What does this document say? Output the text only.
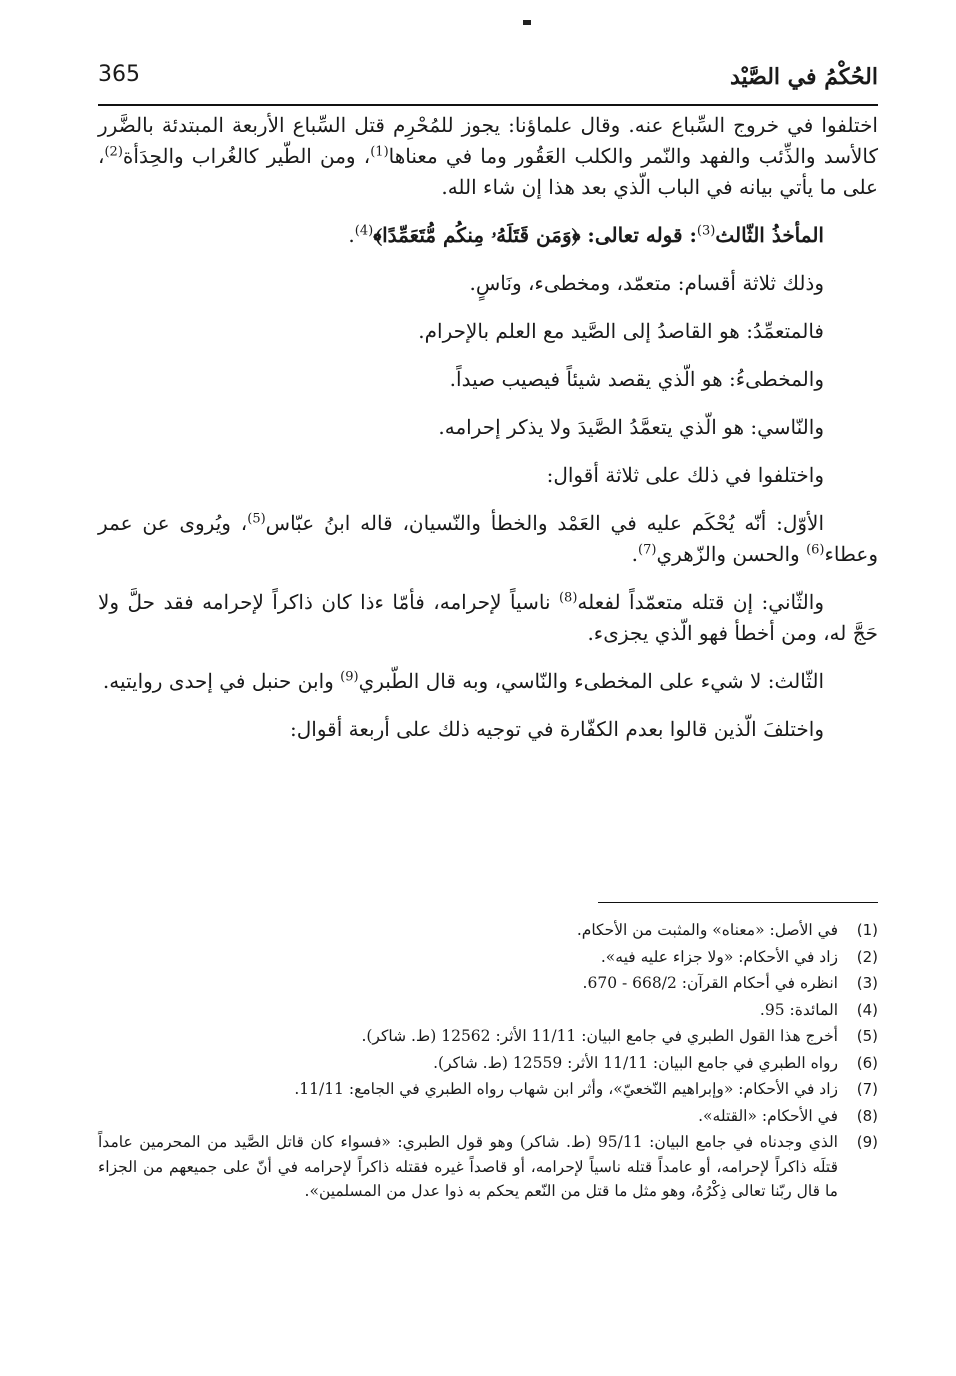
الحُكْمُ في الصَّيْد
365

اختلفوا في خروج السِّباع عنه. وقال علماؤنا: يجوز للمُحْرِم قتل السِّباع الأربعة المبتدئة بالضَّرر كالأسد والذِّئب والفهد والنّمر والكلب العَقُور وما في معناها$^{(1)}$، ومن الطّير كالغُراب والحِدَأة$^{(2)}$، على ما يأتي بيانه في الباب الّذي بعد هذا إن شاء الله.

المأخذُ الثّالث$^{(3)}$: قوله تعالى: ﴿وَمَن قَتَلَهُۥ مِنكُم مُّتَعَمِّدًا﴾$^{(4)}$.

وذلك ثلاثة أقسام: متعمّد، ومخطىء، ونَاسٍ.

فالمتعمِّدُ: هو القاصدُ إلى الصَّيد مع العلم بالإحرام.

والمخطىءُ: هو الّذي يقصد شيئاً فيصيب صيداً.

والنّاسي: هو الّذي يتعمَّدُ الصَّيدَ ولا يذكر إحرامه.

واختلفوا في ذلك على ثلاثة أقوال:

الأوّل: أنّه يُحْكَم عليه في العَمْد والخطأ والنّسيان، قاله ابنُ عبّاس$^{(5)}$، ويُروى عن عمر وعطاء$^{(6)}$ والحسن والزّهري$^{(7)}$.

والثّاني: إن قتله متعمّداً لفعله$^{(8)}$ ناسياً لإحرامه، فأمّا ءذا كان ذاكراً لإحرامه فقد حلَّ ولا حَجَّ له، ومن أخطأ فهو الّذي يجزىء.

الثّالث: لا شيء على المخطىء والنّاسي، وبه قال الطّبري$^{(9)}$ وابن حنبل في إحدى روايتيه.

واختلفَ الّذين قالوا بعدم الكفّارة في توجيه ذلك على أربعة أقوال:

(1)
في الأصل: «معناه» والمثبت من الأحكام.
(2)
زاد في الأحكام: «ولا جزاء عليه فيه».
(3)
انظره في أحكام القرآن: 668/2 - 670.
(4)
المائدة: 95.
(5)
أخرج هذا القول الطبري في جامع البيان: 11/11 الأثر: 12562 (ط. شاكر).
(6)
رواه الطبري في جامع البيان: 11/11 الأثر: 12559 (ط. شاكر).
(7)
زاد في الأحكام: «وإبراهيم النّخعيّ»، وأثر ابن شهاب رواه الطبري في الجامع: 11/11.
(8)
في الأحكام: «القتله».
(9)
الذي وجدناه في جامع البيان: 95/11 (ط. شاكر) وهو قول الطبري: «فسواء كان قاتل الصَّيد من المحرمين عامداً قتلَه ذاكراً لإحرامه، أو عامداً قتله ناسياً لإحرامه، أو قاصداً غيره فقتله ذاكراً لإحرامه في أنّ على جميعهم من الجزاء ما قال ربّنا تعالى ذِكْرُهُ، وهو مثل ما قتل من النّعم يحكم به ذوا عدل من المسلمين».
